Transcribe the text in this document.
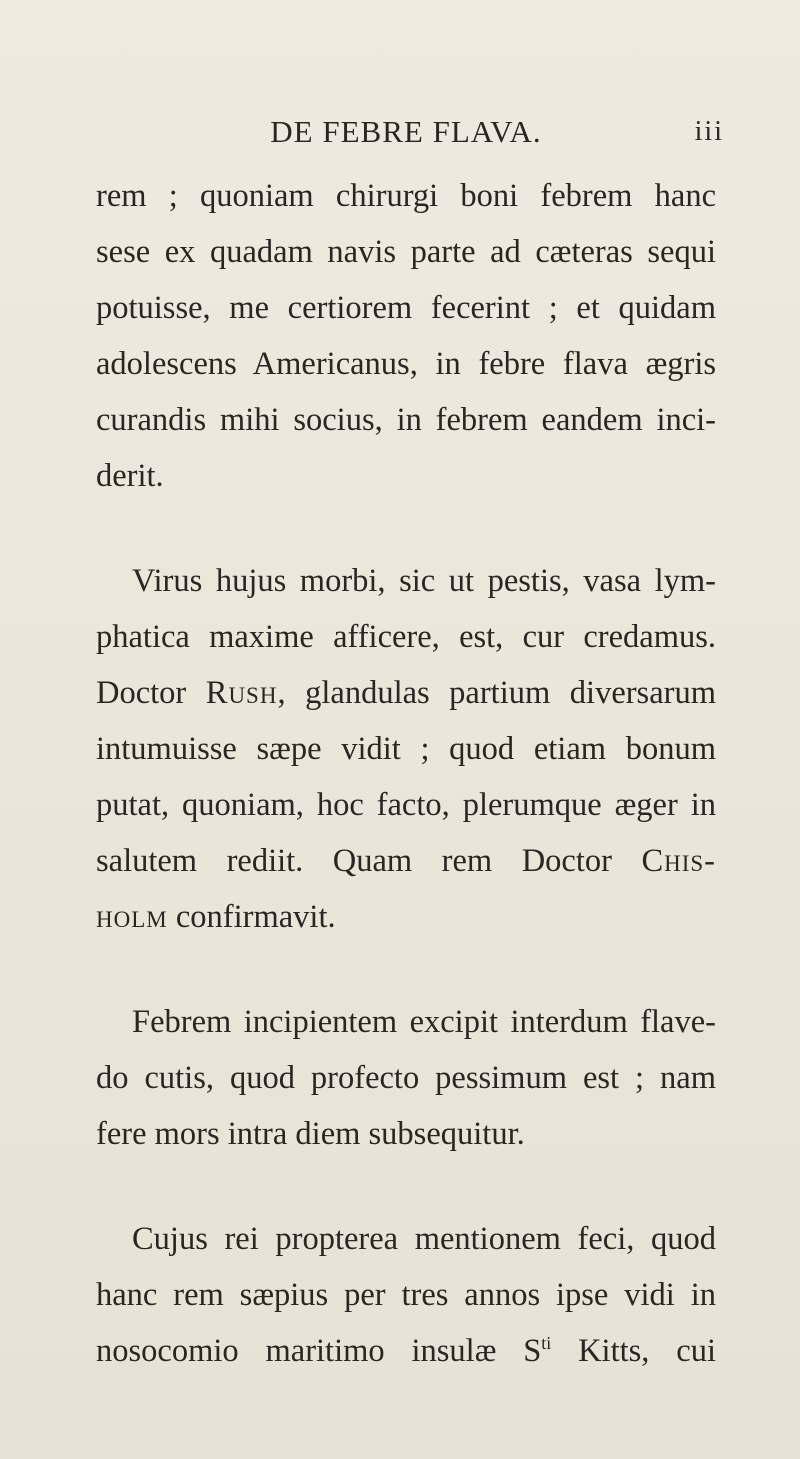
DE FEBRE FLAVA.	iii
rem ; quoniam chirurgi boni febrem hanc
sese ex quadam navis parte ad cæteras sequi
potuisse, me certiorem fecerint ; et quidam
adolescens Americanus, in febre flava ægris
curandis mihi socius, in febrem eandem inci-
derit.
Virus hujus morbi, sic ut pestis, vasa lym-
phatica maxime afficere, est, cur credamus.
Doctor Rush, glandulas partium diversarum
intumuisse sæpe vidit ; quod etiam bonum
putat, quoniam, hoc facto, plerumque æger in
salutem rediit. Quam rem Doctor Chis-
holm confirmavit.
Febrem incipientem excipit interdum flave-
do cutis, quod profecto pessimum est ; nam
fere mors intra diem subsequitur.
Cujus rei propterea mentionem feci, quod
hanc rem sæpius per tres annos ipse vidi in
nosocomio maritimo insulæ $S^{ti}$ Kitts, cui
